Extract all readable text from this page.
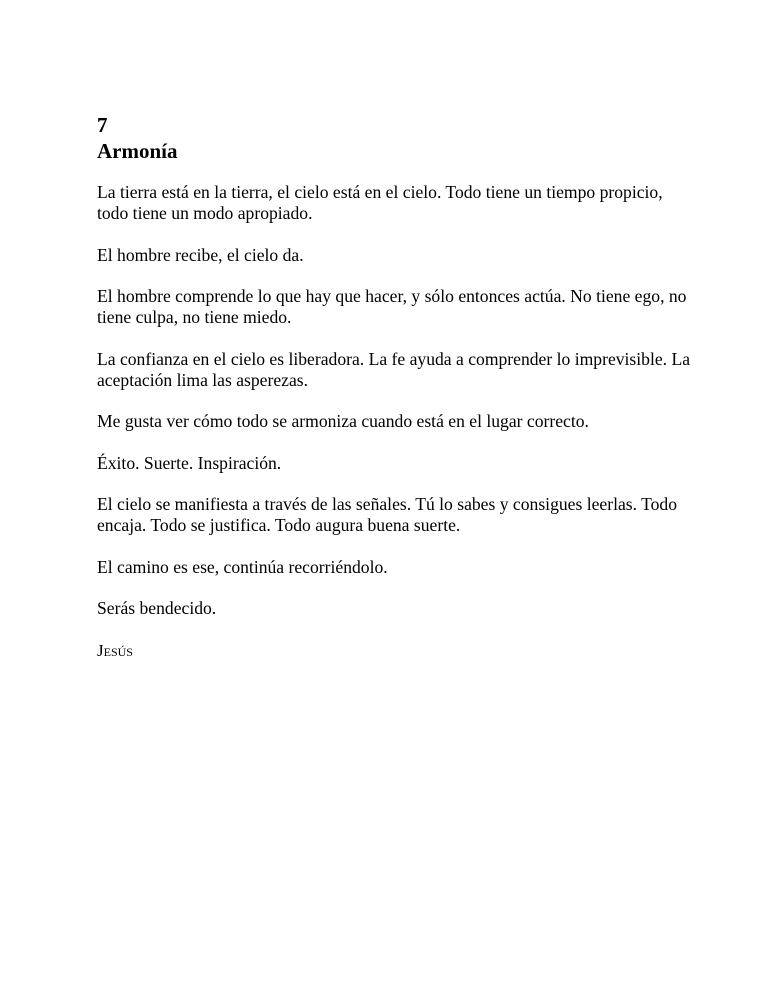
7
Armonía

La tierra está en la tierra, el cielo está en el cielo. Todo tiene un tiempo propicio, todo tiene un modo apropiado.

El hombre recibe, el cielo da.

El hombre comprende lo que hay que hacer, y sólo entonces actúa. No tiene ego, no tiene culpa, no tiene miedo.

La confianza en el cielo es liberadora. La fe ayuda a comprender lo imprevisible. La aceptación lima las asperezas.

Me gusta ver cómo todo se armoniza cuando está en el lugar correcto.

Éxito. Suerte. Inspiración.

El cielo se manifiesta a través de las señales. Tú lo sabes y consigues leerlas. Todo encaja. Todo se justifica. Todo augura buena suerte.

El camino es ese, continúa recorriéndolo.

Serás bendecido.

Jesús
